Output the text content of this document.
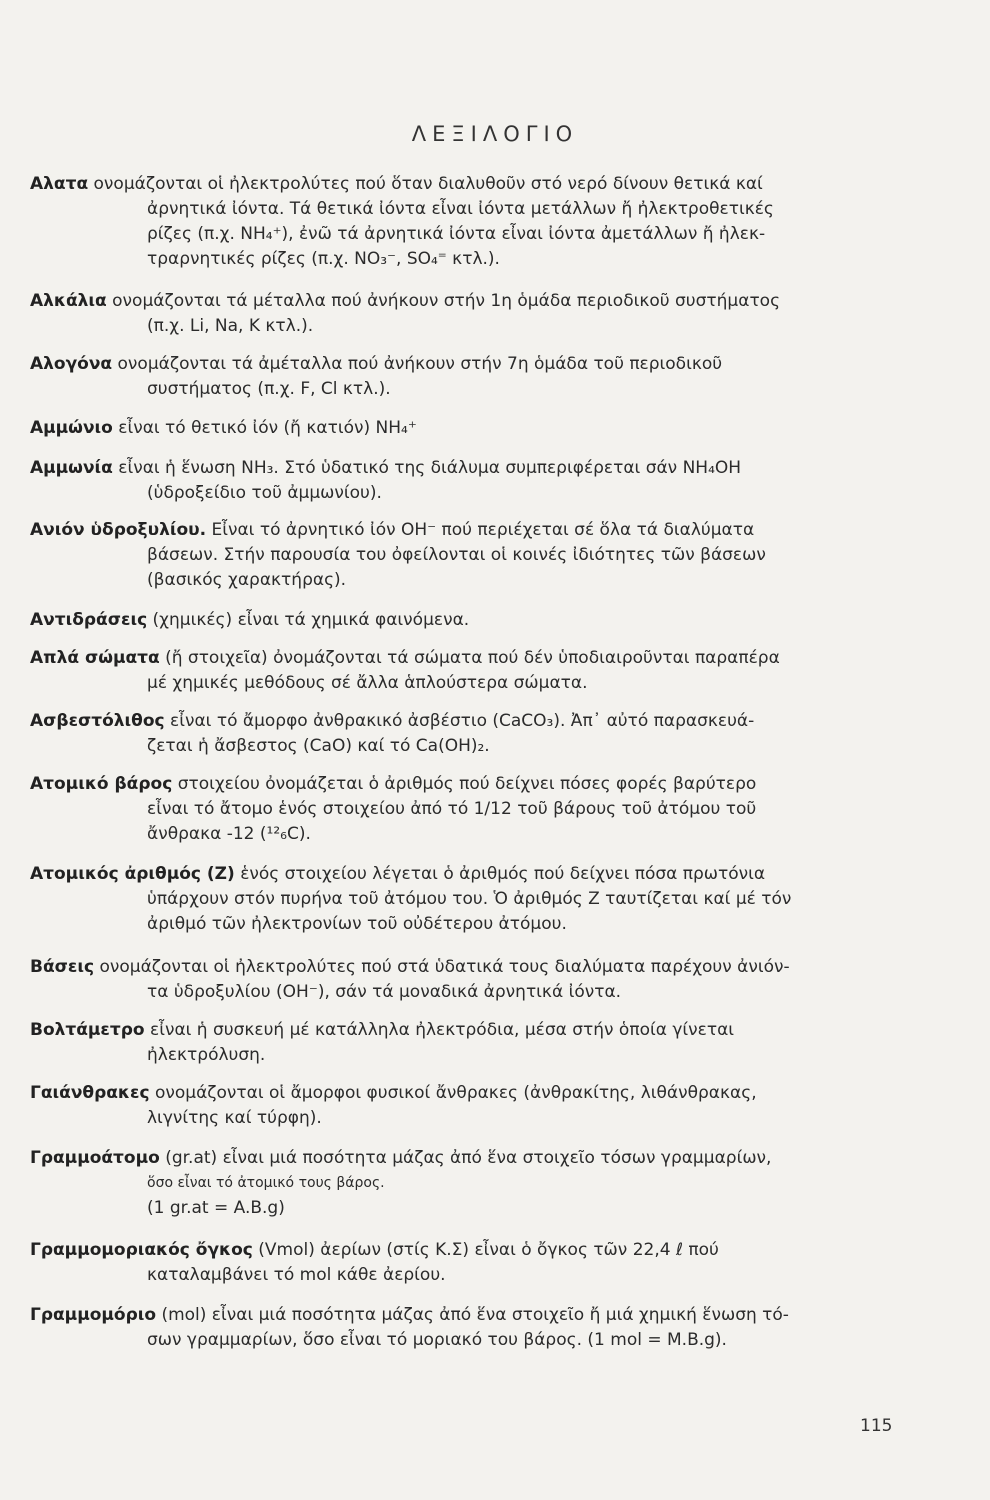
ΛΕΞΙΛΟΓΙΟ
Αλατα ονομάζονται οἱ ἠλεκτρολύτες πού ὅταν διαλυθοῦν στό νερό δίνουν θετικά καί
ἀρνητικά ἰόντα. Τά θετικά ἰόντα εἶναι ἰόντα μετάλλων ἤ ἠλεκτροθετικές
ρίζες (π.χ. NH₄⁺), ἐνῶ τά ἀρνητικά ἰόντα εἶναι ἰόντα ἀμετάλλων ἤ ἠλεκ-
τραρνητικές ρίζες (π.χ. NO₃⁻, SO₄⁼ κτλ.).
Αλκάλια ονομάζονται τά μέταλλα πού ἀνήκουν στήν 1η ὁμάδα περιοδικοῦ συστήματος
(π.χ. Li, Na, K κτλ.).
Αλογόνα ονομάζονται τά ἀμέταλλα πού ἀνήκουν στήν 7η ὁμάδα τοῦ περιοδικοῦ
συστήματος (π.χ. F, Cl κτλ.).
Αμμώνιο εἶναι τό θετικό ἰόν (ἤ κατιόν) NH₄⁺
Αμμωνία εἶναι ἡ ἕνωση NH₃. Στό ὑδατικό της διάλυμα συμπεριφέρεται σάν NH₄OH
(ὑδροξείδιο τοῦ ἀμμωνίου).
Ανιόν ὑδροξυλίου. Εἶναι τό ἀρνητικό ἰόν OH⁻ πού περιέχεται σέ ὅλα τά διαλύματα
βάσεων. Στήν παρουσία του ὀφείλονται οἱ κοινές ἰδιότητες τῶν βάσεων
(βασικός χαρακτήρας).
Αντιδράσεις (χημικές) εἶναι τά χημικά φαινόμενα.
Απλά σώματα (ἤ στοιχεῖα) ὀνομάζονται τά σώματα πού δέν ὑποδιαιροῦνται παραπέρα
μέ χημικές μεθόδους σέ ἄλλα ἁπλούστερα σώματα.
Ασβεστόλιθος εἶναι τό ἄμορφο ἀνθρακικό ἀσβέστιο (CaCO₃). Ἀπ᾿ αὐτό παρασκευά-
ζεται ἡ ἄσβεστος (CaO) καί τό Ca(OH)₂.
Ατομικό βάρος στοιχείου ὀνομάζεται ὁ ἀριθμός πού δείχνει πόσες φορές βαρύτερο
εἶναι τό ἄτομο ἑνός στοιχείου ἀπό τό 1/12 τοῦ βάρους τοῦ ἀτόμου τοῦ
ἄνθρακα -12 (¹²₆C).
Ατομικός ἀριθμός (Z) ἑνός στοιχείου λέγεται ὁ ἀριθμός πού δείχνει πόσα πρωτόνια
ὑπάρχουν στόν πυρήνα τοῦ ἀτόμου του. Ὁ ἀριθμός Z ταυτίζεται καί μέ τόν
ἀριθμό τῶν ἠλεκτρονίων τοῦ οὐδέτερου ἀτόμου.
Βάσεις ονομάζονται οἱ ἠλεκτρολύτες πού στά ὑδατικά τους διαλύματα παρέχουν ἀνιόν-
τα ὑδροξυλίου (OH⁻), σάν τά μοναδικά ἀρνητικά ἰόντα.
Βολτάμετρο εἶναι ἡ συσκευή μέ κατάλληλα ἠλεκτρόδια, μέσα στήν ὁποία γίνεται
ἠλεκτρόλυση.
Γαιάνθρακες ονομάζονται οἱ ἄμορφοι φυσικοί ἄνθρακες (ἀνθρακίτης, λιθάνθρακας,
λιγνίτης καί τύρφη).
Γραμμοάτομο (gr.at) εἶναι μιά ποσότητα μάζας ἀπό ἕνα στοιχεῖο τόσων γραμμαρίων,
ὅσο εἶναι τό ἀτομικό τους βάρος.
(1 gr.at = A.B.g)
Γραμμομοριακός ὄγκος (Vmol) ἀερίων (στίς K.Σ) εἶναι ὁ ὄγκος τῶν 22,4 ℓ πού
καταλαμβάνει τό mol κάθε ἀερίου.
Γραμμομόριο (mol) εἶναι μιά ποσότητα μάζας ἀπό ἕνα στοιχεῖο ἤ μιά χημική ἕνωση τό-
σων γραμμαρίων, ὅσο εἶναι τό μοριακό του βάρος. (1 mol = M.B.g).
115
